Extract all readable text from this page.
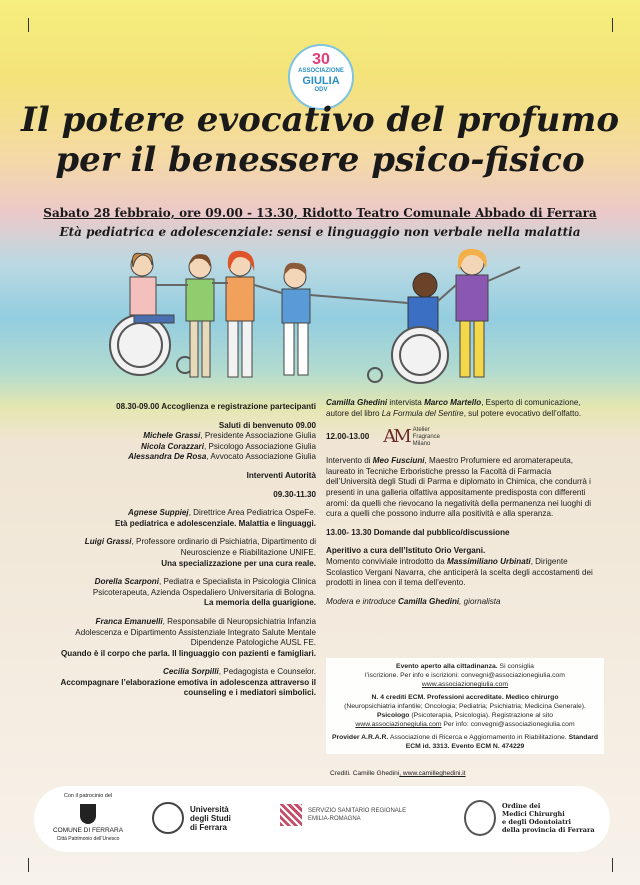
30
ASSOCIAZIONE
GIULIA
ODV
Il potere evocativo del profumo
per il benessere psico-fisico
Sabato 28 febbraio, ore 09.00 - 13.30, Ridotto Teatro Comunale Abbado di Ferrara
Età pediatrica e adolescenziale: sensi e linguaggio non verbale nella malattia

08.30-09.00 Accoglienza e registrazione partecipanti

Saluti di benvenuto 09.00
Michele Grassi, Presidente Associazione Giulia
Nicola Corazzari, Psicologo Associazione Giulia
Alessandra De Rosa, Avvocato Associazione Giulia

Interventi Autorità

09.30-11.30

Agnese Suppiej, Direttrice Area Pediatrica OspeFe.
Età pediatrica e adolescenziale. Malattia e linguaggi.

Luigi Grassi, Professore ordinario di Psichiatria, Dipartimento di Neuroscienze e Riabilitazione UNIFE.
Una specializzazione per una cura reale.

Dorella Scarponi, Pediatra e Specialista in Psicologia Clinica Psicoterapeuta, Azienda Ospedaliero Universitaria di Bologna.
La memoria della guarigione.

Franca Emanuelli, Responsabile di Neuropsichiatria Infanzia Adolescenza e Dipartimento Assistenziale Integrato Salute Mentale Dipendenze Patologiche AUSL FE.
Quando è il corpo che parla. Il linguaggio con pazienti e famigliari.

Cecilia Sorpilli, Pedagogista e Counselor.
Accompagnare l’elaborazione emotiva in adolescenza attraverso il counseling e i mediatori simbolici.

Camilla Ghedini intervista Marco Martello, Esperto di comunicazione, autore del libro La Formula del Sentire, sul potere evocativo dell’olfatto.

12.00-13.00 AM Atelier
Fragrance
Milano

Intervento di Meo Fusciuni, Maestro Profumiere ed aromaterapeuta, laureato in Tecniche Erboristiche presso la Facoltà di Farmacia dell’Università degli Studi di Parma e diplomato in Chimica, che condurrà i presenti in una galleria olfattiva appositamente predisposta con differenti aromi: da quelli che rievocano la negatività della permanenza nei luoghi di cura a quelli che possono indurre alla positività e alla speranza.

13.00- 13.30 Domande dal pubblico/discussione

Aperitivo a cura dell’Istituto Orio Vergani.
Momento conviviale introdotto da Massimiliano Urbinati, Dirigente Scolastico Vergani Navarra, che anticiperà la scelta degli accostamenti dei prodotti in linea con il tema dell’evento.

Modera e introduce Camilla Ghedini, giornalista

Evento aperto alla cittadinanza. Si consiglia
l’iscrizione. Per info e iscrizioni: convegni@associazionegiulia.com
www.associazionegiulia.com
N. 4 crediti ECM. Professioni accreditate. Medico chirurgo
(Neuropsichiatria infantile; Oncologia; Pediatria; Psichiatria; Medicina Generale).
Psicologo (Psicoterapia, Psicologia). Registrazione al sito
www.associazionegiulia.com Per info: convegni@associazionegiulia.com
Provider A.R.A.R. Associazione di Ricerca e Aggiornamento in Riabilitazione. Standard ECM id. 3313. Evento ECM N. 474229
Crediti. Camille Ghedini, www.camilleghedini.it
Con il patrocinio del
COMUNE DI FERRARA
Città Patrimonio dell’Unesco
Università
degli Studi
di Ferrara
SERVIZIO SANITARIO REGIONALE
EMILIA-ROMAGNA
Ordine dei
Medici Chirurghi
e degli Odontoiatri
della provincia di Ferrara
